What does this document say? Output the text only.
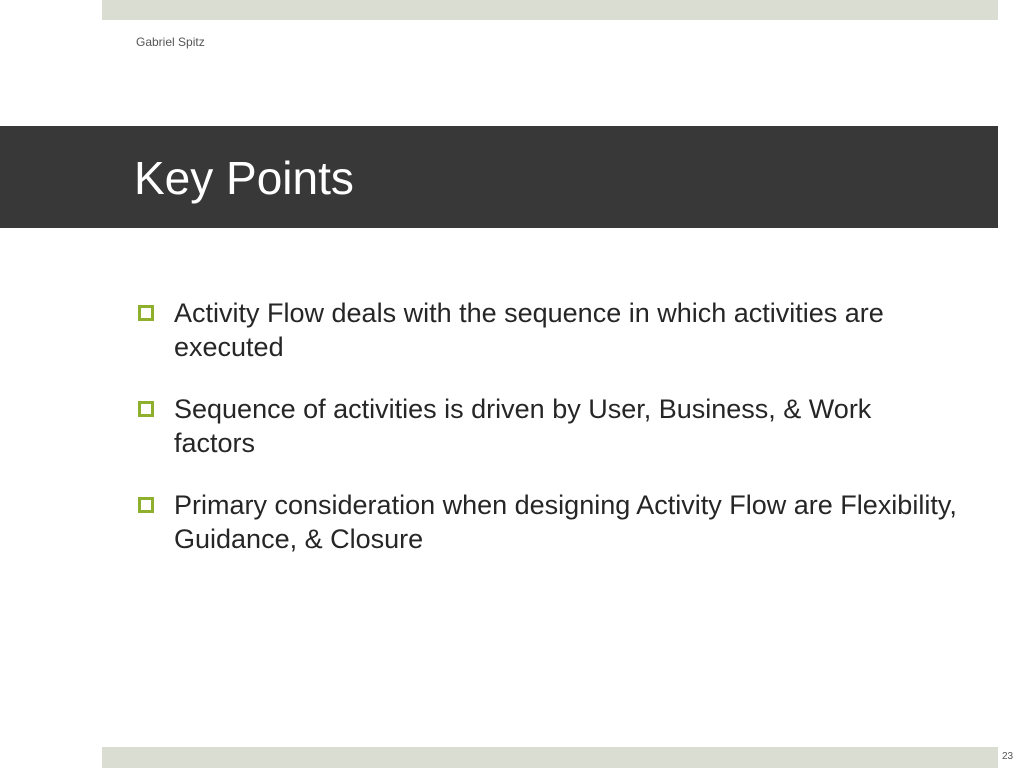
Gabriel Spitz
Key Points
Activity Flow deals with the sequence in which activities are executed
Sequence of activities is driven by User, Business, & Work factors
Primary consideration when designing Activity Flow are Flexibility, Guidance, & Closure
23
